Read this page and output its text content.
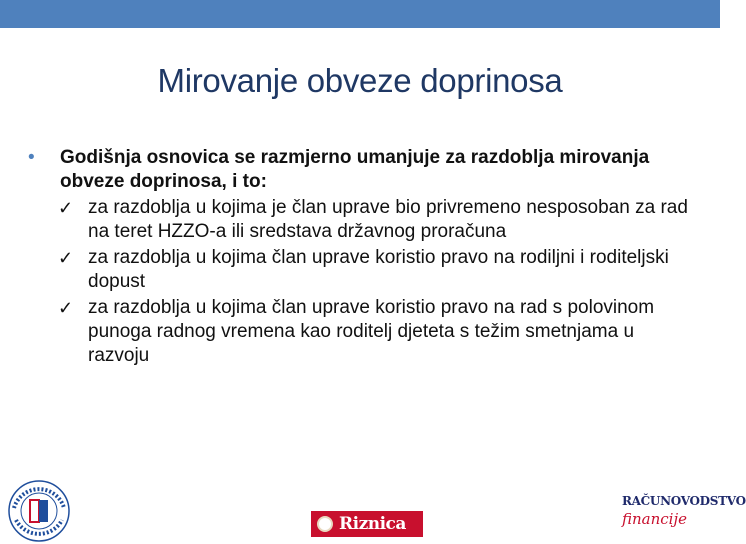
Mirovanje obveze doprinosa
• Godišnja osnovica se razmjerno umanjuje za razdoblja mirovanja obveze doprinosa, i to:
✓ za razdoblja u kojima je član uprave bio privremeno nesposoban za rad na teret HZZO-a ili sredstava državnog proračuna
✓ za razdoblja u kojima član uprave koristio pravo na rodiljni i roditeljski dopust
✓ za razdoblja u kojima član uprave koristio pravo na rad s polovinom punoga radnog vremena kao roditelj djeteta s težim smetnjama u razvoju
Riznica
RAČUNOVODSTVO
financije
